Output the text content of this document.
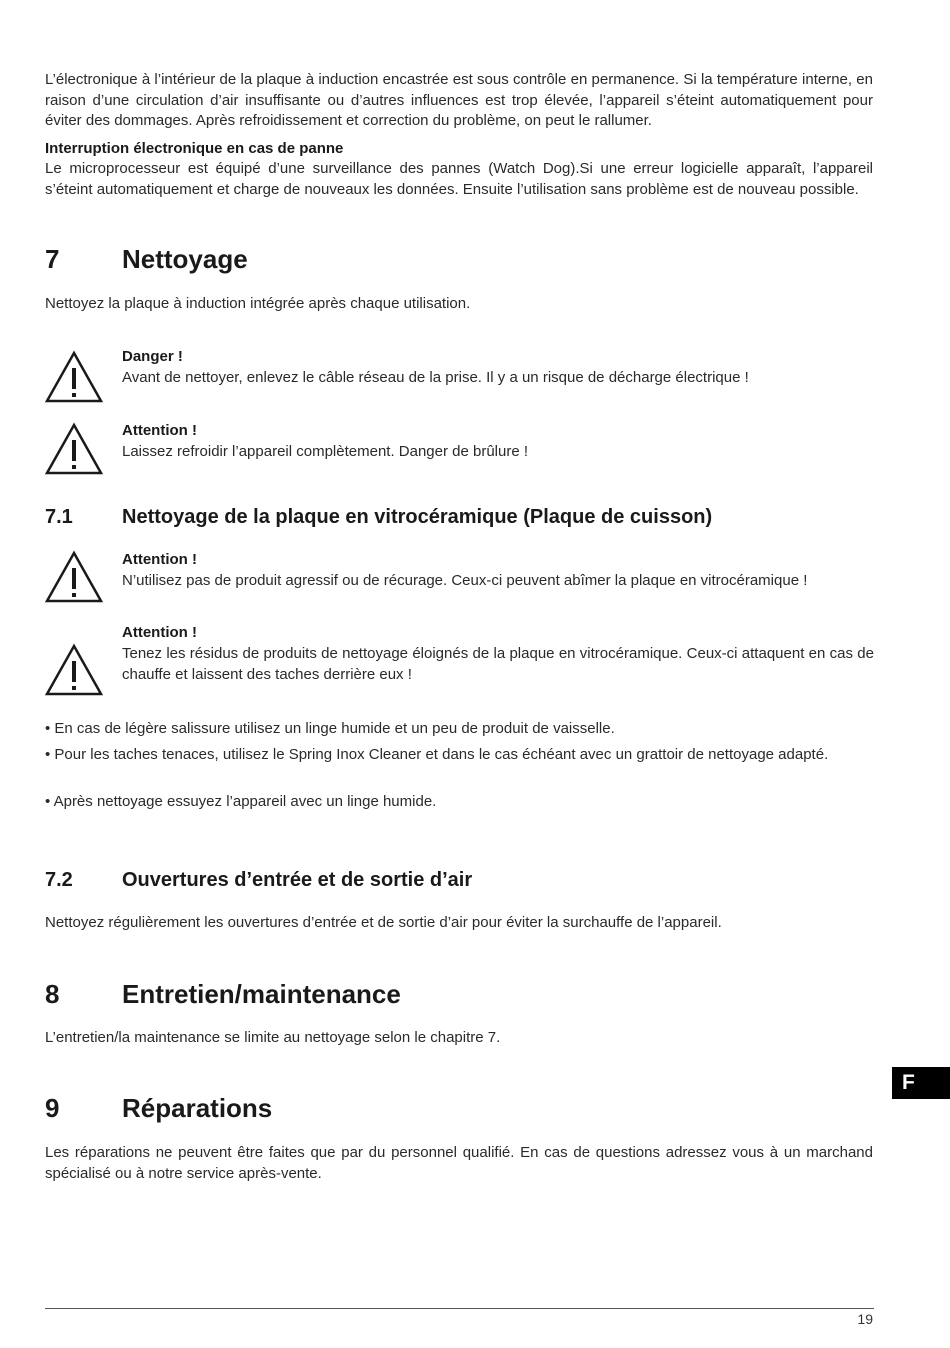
L’électronique à l’intérieur de la plaque à induction encastrée est sous contrôle en permanence. Si la température interne, en raison d’une circulation d’air insuffisante ou d’autres influences est trop élevée, l’appareil s’éteint automatiquement pour éviter des dommages. Après refroidissement et correction du problème, on peut le rallumer.

Interruption électronique en cas de panne

Le microprocesseur est équipé d’une surveillance des pannes (Watch Dog).Si une erreur logicielle apparaît, l’appareil s’éteint automatiquement et charge de nouveaux les données. Ensuite l’utilisation sans problème est de nouveau possible.

7 Nettoyage

Nettoyez la plaque à induction intégrée après chaque utilisation.

Danger !

Avant de nettoyer, enlevez le câble réseau de la prise. Il y a un risque de décharge électrique !

Attention !

Laissez refroidir l’appareil complètement. Danger de brûlure !

7.1 Nettoyage de la plaque en vitrocéramique (Plaque de cuisson)
Attention !

N’utilisez pas de produit agressif ou de récurage. Ceux-ci peuvent abîmer la plaque en vitrocéramique !

Attention !

Tenez les résidus de produits de nettoyage éloignés de la plaque en vitrocéramique. Ceux-ci attaquent en cas de chauffe et laissent des taches derrière eux !

• En cas de légère salissure utilisez un linge humide et un peu de produit de vaisselle.

• Pour les taches tenaces, utilisez le Spring Inox Cleaner et dans le cas échéant avec un grattoir de nettoyage adapté.

• Après nettoyage essuyez l’appareil avec un linge humide.

7.2 Ouvertures d’entrée et de sortie d’air

Nettoyez régulièrement les ouvertures d’entrée et de sortie d’air pour éviter la surchauffe de l’appareil.

8 Entretien/maintenance

L’entretien/la maintenance se limite au nettoyage selon le chapitre 7.

9 Réparations

Les réparations ne peuvent être faites que par du personnel qualifié. En cas de questions adressez vous à un marchand spécialisé ou à notre service après-vente.

F
19
